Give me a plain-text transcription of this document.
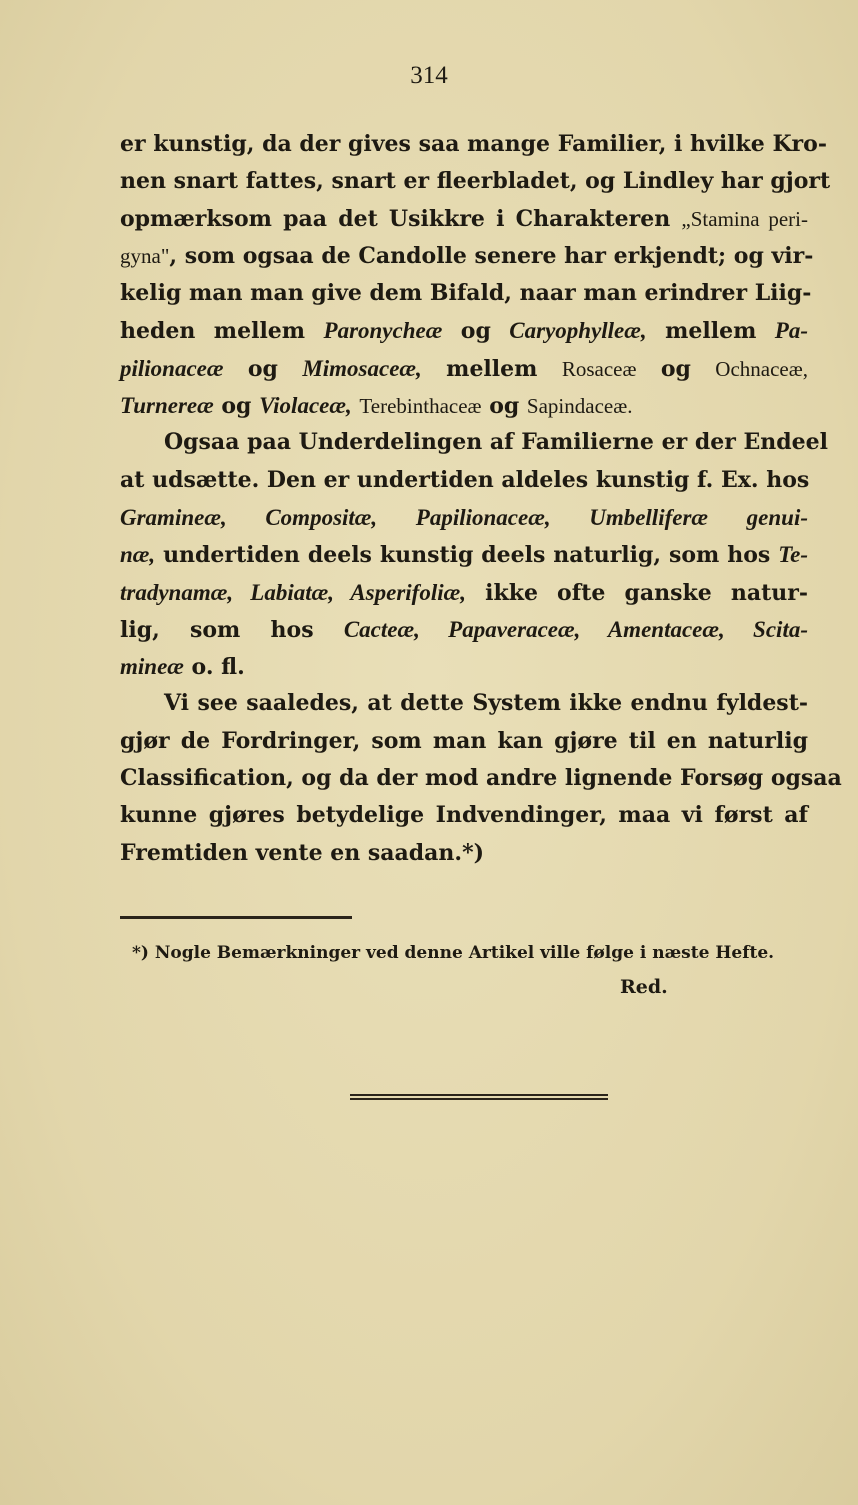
314
er kunstig, da der gives saa mange Familier, i hvilke Kro-
nen snart fattes, snart er fleerbladet, og Lindley har gjort
opmærksom paa det Usikkre i Charakteren „Stamina peri-
gyna", som ogsaa de Candolle senere har erkjendt; og vir-
kelig man man give dem Bifald, naar man erindrer Liig-
heden mellem Paronycheæ og Caryophylleæ, mellem Pa-
pilionaceæ og Mimosaceæ, mellem Rosaceæ og Ochnaceæ,
Turnereæ og Violaceæ, Terebinthaceæ og Sapindaceæ.
Ogsaa paa Underdelingen af Familierne er der Endeel
at udsætte. Den er undertiden aldeles kunstig f. Ex. hos
Gramineæ, Compositæ, Papilionaceæ, Umbelliferæ genui-
næ, undertiden deels kunstig deels naturlig, som hos Te-
tradynamæ, Labiatæ, Asperifoliæ, ikke ofte ganske natur-
lig, som hos Cacteæ, Papaveraceæ, Amentaceæ, Scita-
mineæ o. fl.
Vi see saaledes, at dette System ikke endnu fyldest-
gjør de Fordringer, som man kan gjøre til en naturlig
Classification, og da der mod andre lignende Forsøg ogsaa
kunne gjøres betydelige Indvendinger, maa vi først af
Fremtiden vente en saadan.*)
*) Nogle Bemærkninger ved denne Artikel ville følge i næste Hefte.
Red.
